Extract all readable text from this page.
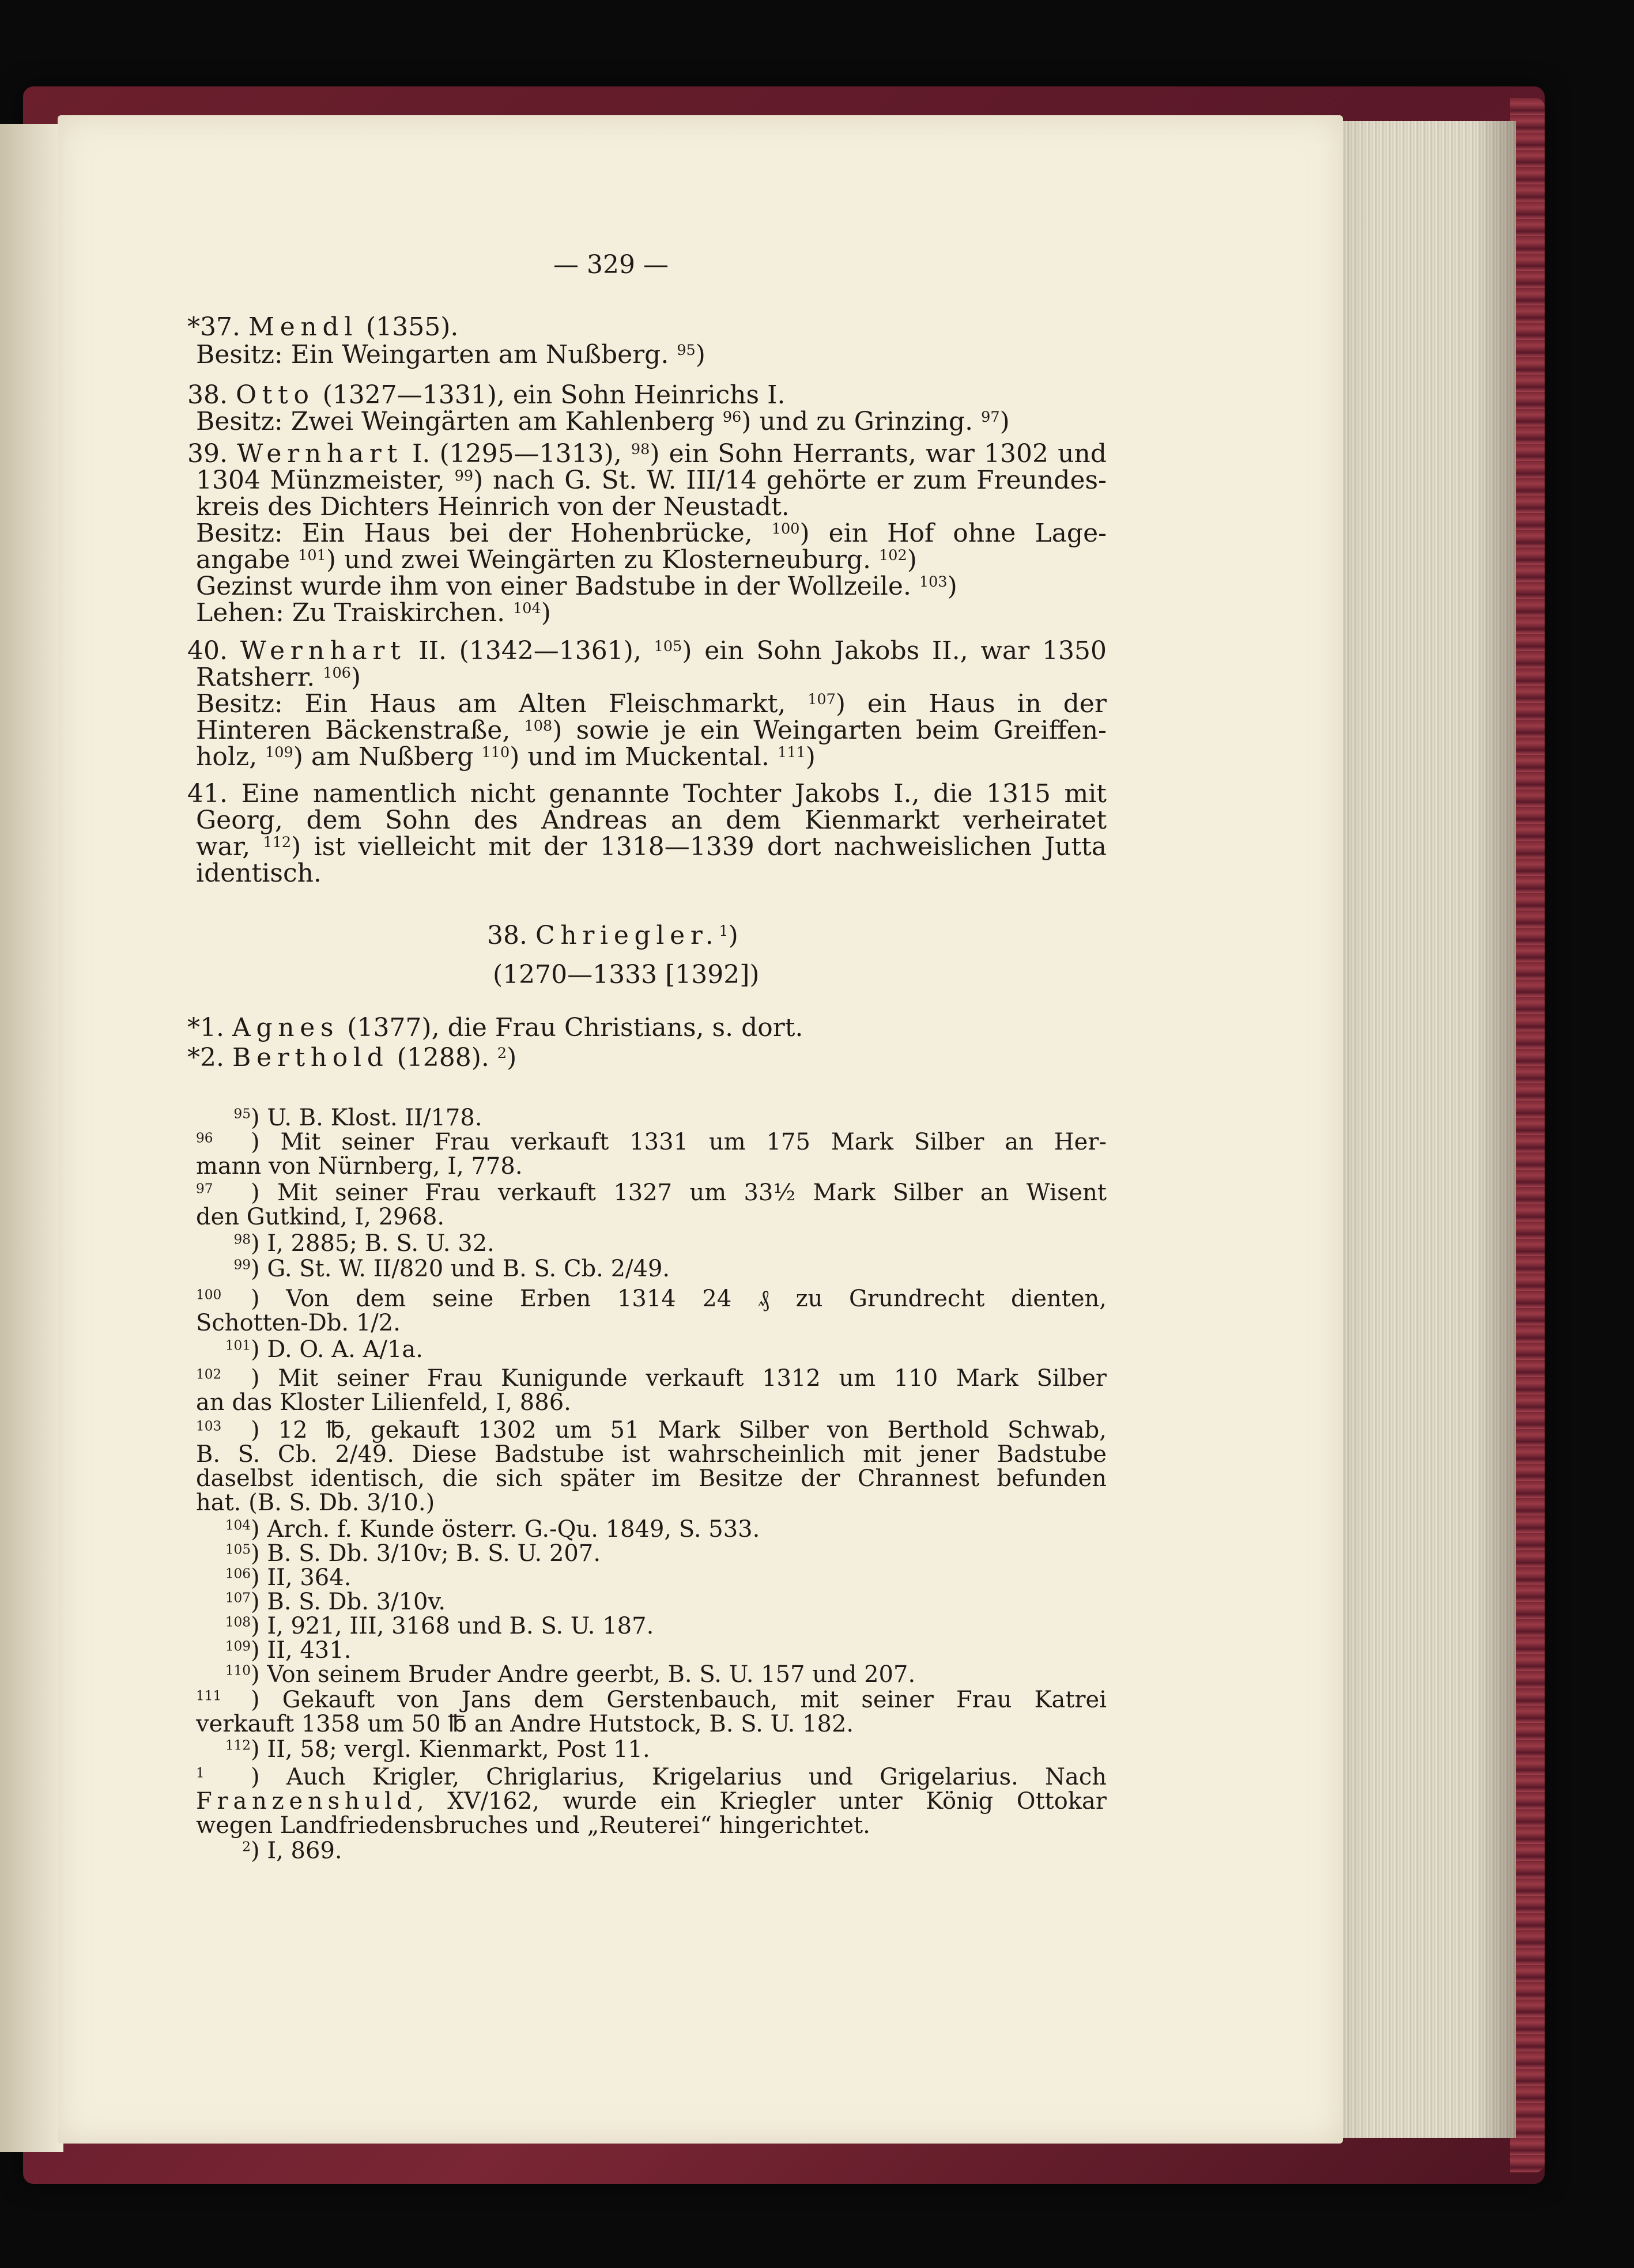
— 329 —
*37. Mendl (1355).
Besitz: Ein Weingarten am Nußberg. $^{95}$)
38. Otto (1327—1331), ein Sohn Heinrichs I.
Besitz: Zwei Weingärten am Kahlenberg $^{96}$) und zu Grinzing. $^{97}$)
39. Wernhart I. (1295—1313), $^{98}$) ein Sohn Herrants, war 1302 und
1304 Münzmeister, $^{99}$) nach G. St. W. III/14 gehörte er zum Freundes-
kreis des Dichters Heinrich von der Neustadt.
Besitz: Ein Haus bei der Hohenbrücke, $^{100}$) ein Hof ohne Lage-
angabe $^{101}$) und zwei Weingärten zu Klosterneuburg. $^{102}$)
Gezinst wurde ihm von einer Badstube in der Wollzeile. $^{103}$)
Lehen: Zu Traiskirchen. $^{104}$)
40. Wernhart II. (1342—1361), $^{105}$) ein Sohn Jakobs II., war 1350
Ratsherr. $^{106}$)
Besitz: Ein Haus am Alten Fleischmarkt, $^{107}$) ein Haus in der
Hinteren Bäckenstraße, $^{108}$) sowie je ein Weingarten beim Greiffen-
holz, $^{109}$) am Nußberg $^{110}$) und im Muckental. $^{111}$)
41. Eine namentlich nicht genannte Tochter Jakobs I., die 1315 mit
Georg, dem Sohn des Andreas an dem Kienmarkt verheiratet
war, $^{112}$) ist vielleicht mit der 1318—1339 dort nachweislichen Jutta
identisch.
38. Chriegler.$^1$)
(1270—1333 [1392])
*1. Agnes (1377), die Frau Christians, s. dort.
*2. Berthold (1288). $^2$)
$^{95}$) U. B. Klost. II/178.
$^{96}$ ) Mit seiner Frau verkauft 1331 um 175 Mark Silber an Her-
mann von Nürnberg, I, 778.
$^{97}$ ) Mit seiner Frau verkauft 1327 um 33½ Mark Silber an Wisent
den Gutkind, I, 2968.
$^{98}$) I, 2885; B. S. U. 32.
$^{99}$) G. St. W. II/820 und B. S. Cb. 2/49.
$^{100}$ ) Von dem seine Erben 1314 24 ₰ zu Grundrecht dienten,
Schotten-Db. 1/2.
$^{101}$) D. O. A. A/1a.
$^{102}$ ) Mit seiner Frau Kunigunde verkauft 1312 um 110 Mark Silber
an das Kloster Lilienfeld, I, 886.
$^{103}$ ) 12 ℔, gekauft 1302 um 51 Mark Silber von Berthold Schwab,
B. S. Cb. 2/49. Diese Badstube ist wahrscheinlich mit jener Badstube
daselbst identisch, die sich später im Besitze der Chrannest befunden
hat. (B. S. Db. 3/10.)
$^{104}$) Arch. f. Kunde österr. G.-Qu. 1849, S. 533.
$^{105}$) B. S. Db. 3/10v; B. S. U. 207.
$^{106}$) II, 364.
$^{107}$) B. S. Db. 3/10v.
$^{108}$) I, 921, III, 3168 und B. S. U. 187.
$^{109}$) II, 431.
$^{110}$) Von seinem Bruder Andre geerbt, B. S. U. 157 und 207.
$^{111}$ ) Gekauft von Jans dem Gerstenbauch, mit seiner Frau Katrei
verkauft 1358 um 50 ℔ an Andre Hutstock, B. S. U. 182.
$^{112}$) II, 58; vergl. Kienmarkt, Post 11.
$^1$ ) Auch Krigler, Chriglarius, Krigelarius und Grigelarius. Nach
Franzenshuld, XV/162, wurde ein Kriegler unter König Ottokar
wegen Landfriedensbruches und „Reuterei“ hingerichtet.
$^2$) I, 869.
